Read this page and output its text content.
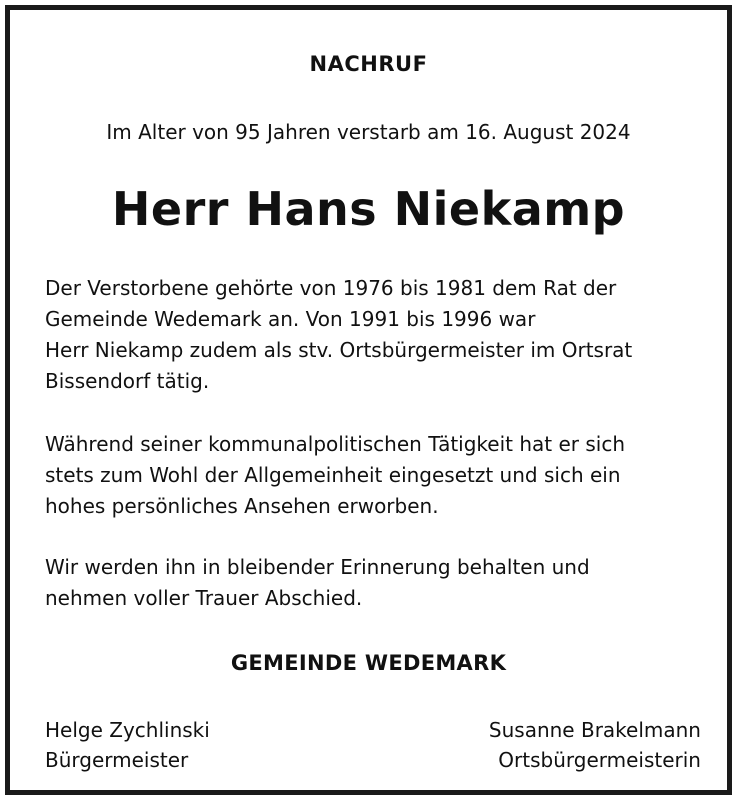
NACHRUF
Im Alter von 95 Jahren verstarb am 16. August 2024
Herr Hans Niekamp
Der Verstorbene gehörte von 1976 bis 1981 dem Rat der
Gemeinde Wedemark an. Von 1991 bis 1996 war
Herr Niekamp zudem als stv. Ortsbürgermeister im Ortsrat
Bissendorf tätig.
Während seiner kommunalpolitischen Tätigkeit hat er sich
stets zum Wohl der Allgemeinheit eingesetzt und sich ein
hohes persönliches Ansehen erworben.
Wir werden ihn in bleibender Erinnerung behalten und
nehmen voller Trauer Abschied.
GEMEINDE WEDEMARK
Helge Zychlinski
Bürgermeister
Susanne Brakelmann
Ortsbürgermeisterin
